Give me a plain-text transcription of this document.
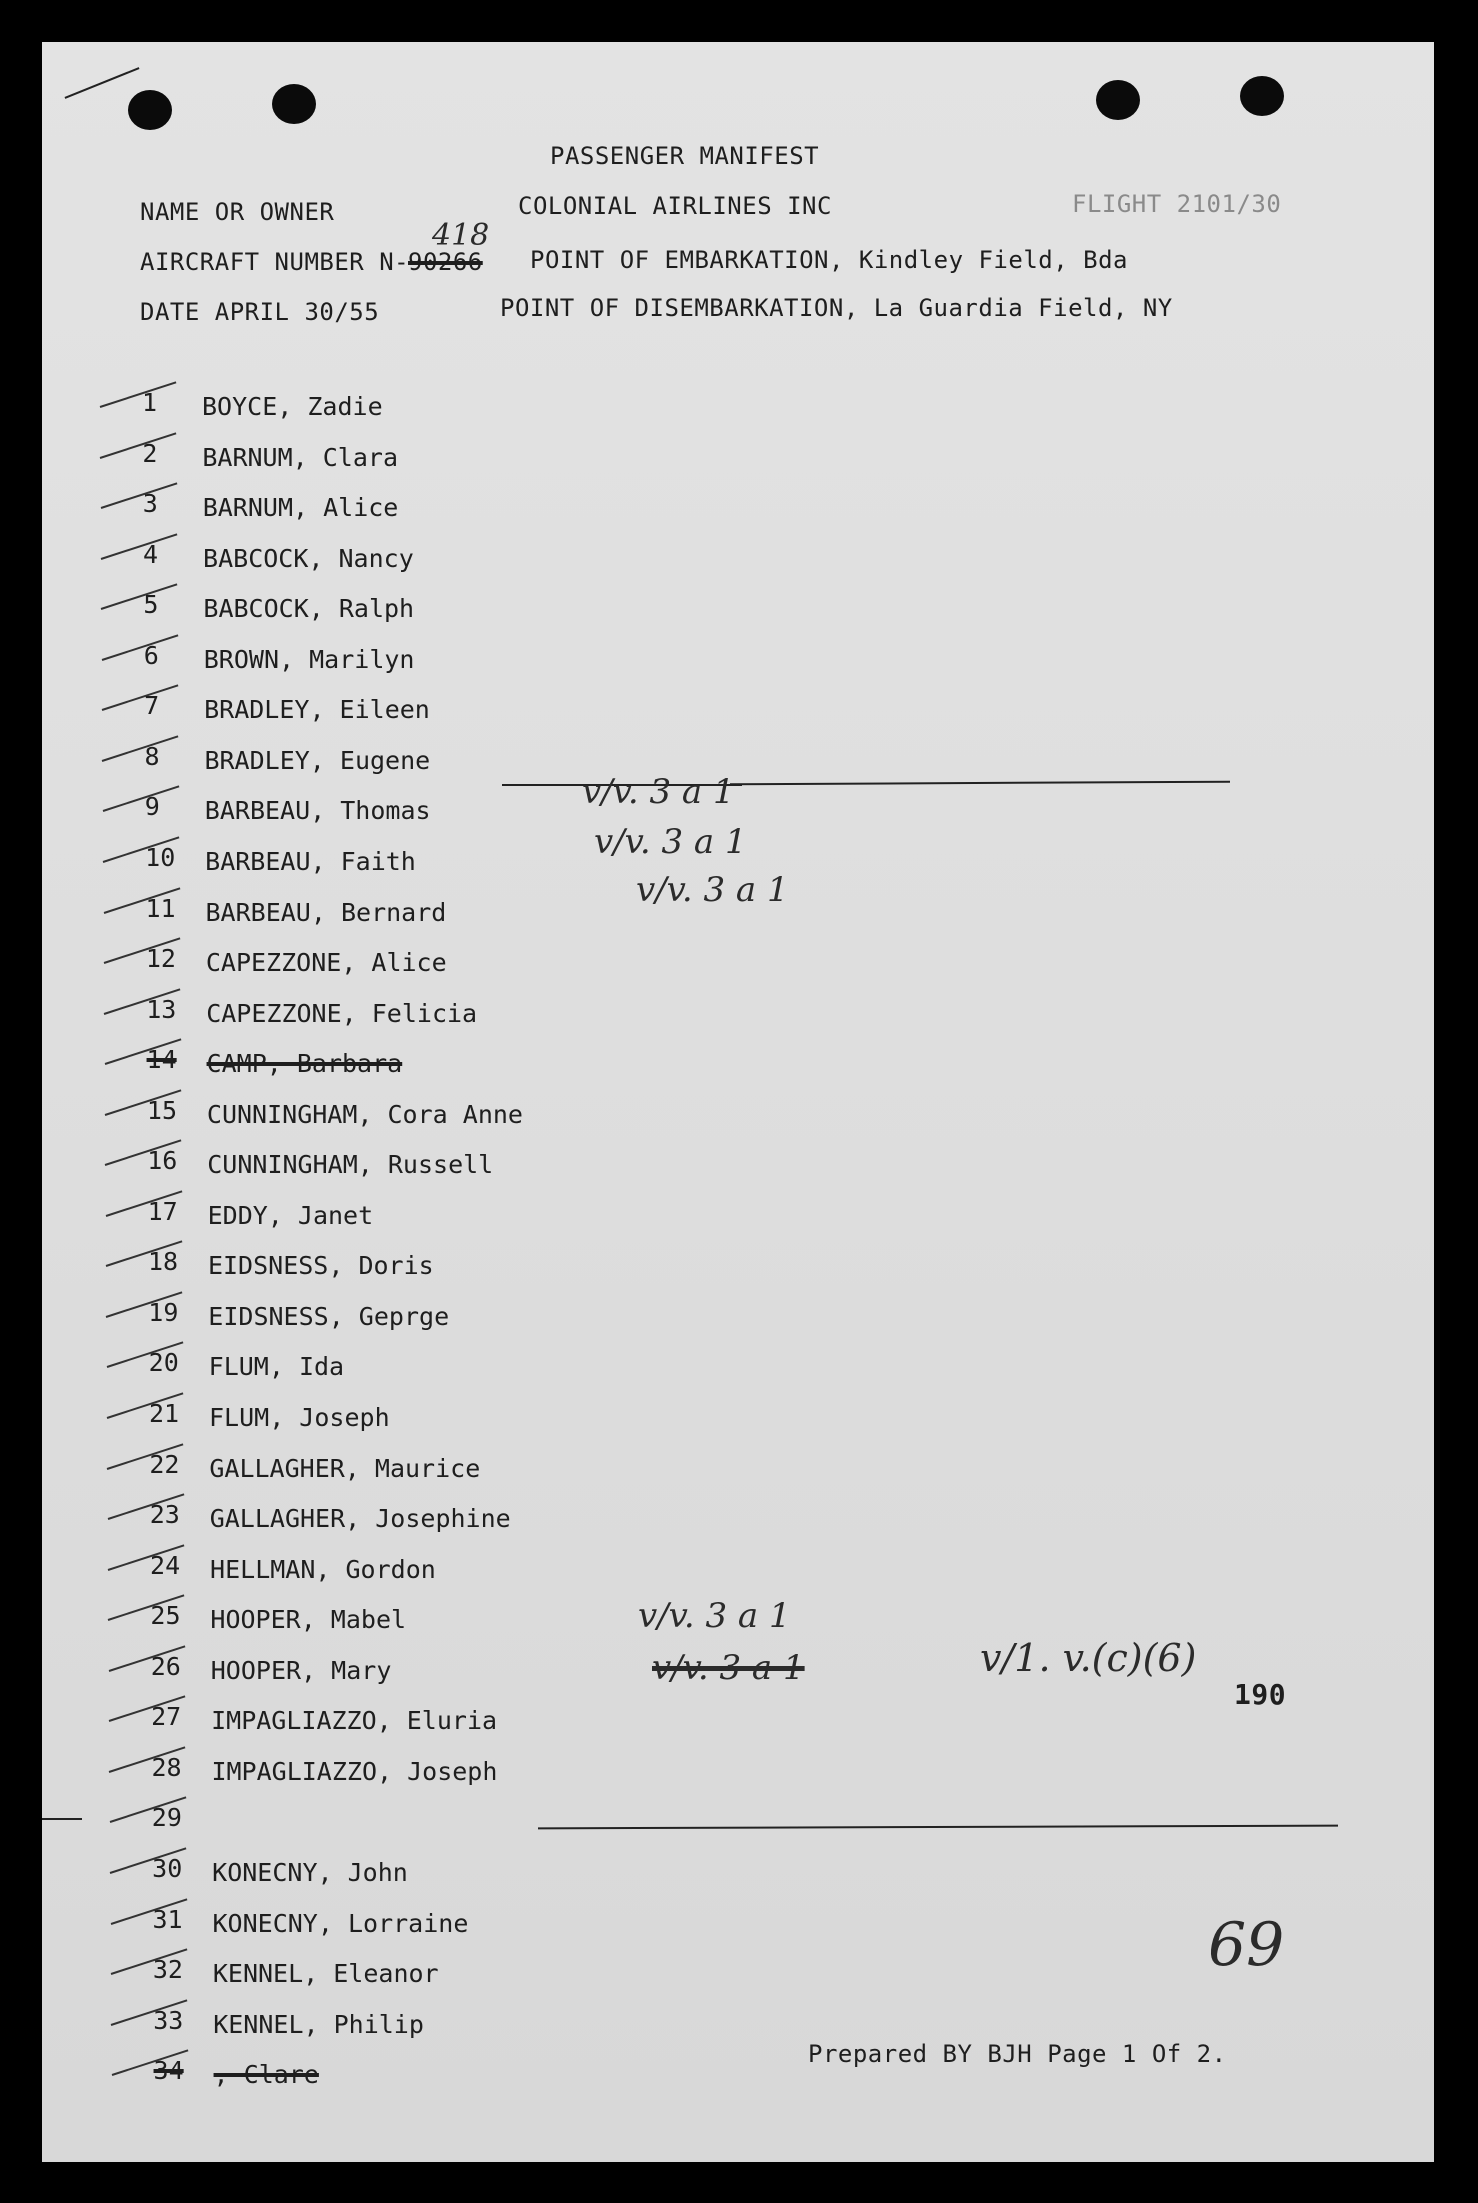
PASSENGER MANIFEST
NAME OR OWNER	COLONIAL AIRLINES INC	FLIGHT 2101/30
AIRCRAFT NUMBER N-
90266
418
POINT OF EMBARKATION, Kindley Field, Bda
DATE APRIL 30/55	POINT OF DISEMBARKATION, La Guardia Field, NY
1 BOYCE, Zadie
2 BARNUM, Clara
3 BARNUM, Alice
4 BABCOCK, Nancy
5 BABCOCK, Ralph
6 BROWN, Marilyn
7 BRADLEY, Eileen
8 BRADLEY, Eugene
9 BARBEAU, Thomas
10 BARBEAU, Faith
11 BARBEAU, Bernard
12 CAPEZZONE, Alice
13 CAPEZZONE, Felicia
14 CAMP, Barbara
15 CUNNINGHAM, Cora Anne
16 CUNNINGHAM, Russell
17 EDDY, Janet
18 EIDSNESS, Doris
19 EIDSNESS, Geprge
20 FLUM, Ida
21 FLUM, Joseph
22 GALLAGHER, Maurice
23 GALLAGHER, Josephine
24 HELLMAN, Gordon
25 HOOPER, Mabel
26 HOOPER, Mary
27 IMPAGLIAZZO, Eluria
28 IMPAGLIAZZO, Joseph
29
30 KONECNY, John
31 KONECNY, Lorraine
32 KENNEL, Eleanor
33 KENNEL, Philip
34 , Clare
v/v. 3 a 1
v/v. 3 a 1
v/v. 3 a 1
v/v. 3 a 1
v/v. 3 a 1	v/1. v.(c)(6)
190
69
Prepared BY BJH Page 1 Of 2.
